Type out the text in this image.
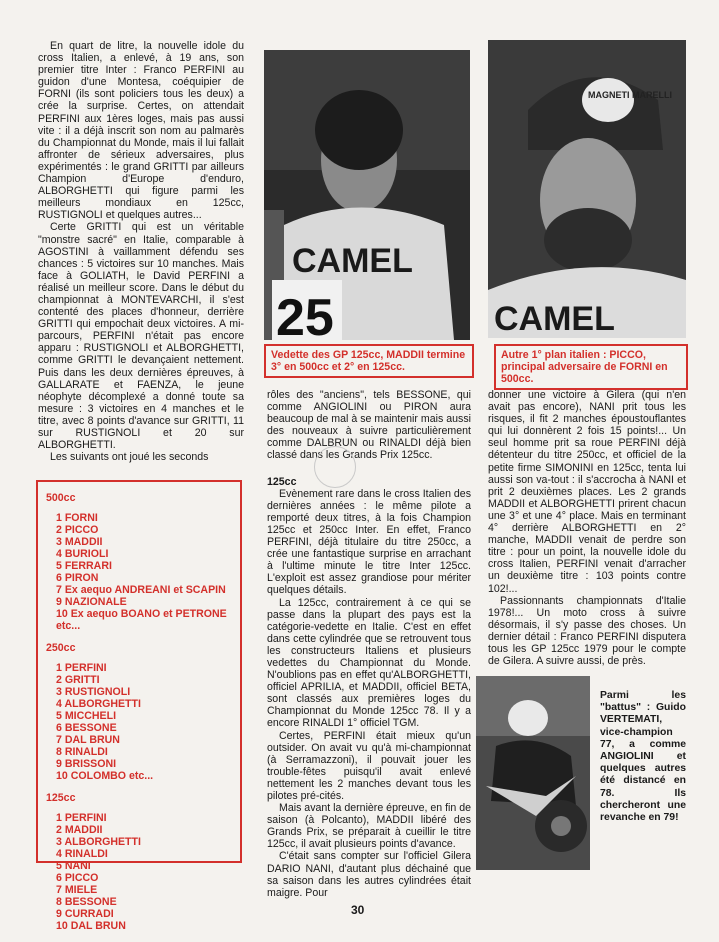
En quart de litre, la nouvelle idole du cross Italien, a enlevé, à 19 ans, son premier titre Inter : Franco PERFINI au guidon d'une Montesa, coéquipier de FORNI (ils sont policiers tous les deux) a crée la surprise. Certes, on attendait PERFINI aux 1ères loges, mais pas aussi vite : il a déjà inscrit son nom au palmarès du Championnat du Monde, mais il lui fallait affronter de sérieux adversaires, plus expérimentés : le grand GRITTI par ailleurs Champion d'Europe d'enduro, ALBORGHETTI qui figure parmi les meilleurs mondiaux en 125cc, RUSTIGNOLI et quelques autres...

Certe GRITTI qui est un véritable "monstre sacré" en Italie, comparable à AGOSTINI à vaillamment défendu ses chances : 5 victoires sur 10 manches. Mais face à GOLIATH, le David PERFINI a réalisé un meilleur score. Dans le début du championnat à MONTEVARCHI, il s'est contenté des places d'honneur, derrière GRITTI qui empochait deux victoires. A mi-parcours, PERFINI n'était pas encore apparu : RUSTIGNOLI et ALBORGHETTI, comme GRITTI le devançaient nettement. Puis dans les deux dernières épreuves, à GALLARATE et FAENZA, le jeune néophyte décomplexé a donné toute sa mesure : 3 victoires en 4 manches et le titre, avec 8 points d'avance sur GRITTI, 11 sur RUSTIGNOLI et 20 sur ALBORGHETTI.

Les suivants ont joué les seconds

500cc
1 FORNI
2 PICCO
3 MADDII
4 BURIOLI
5 FERRARI
6 PIRON
7 Ex aequo ANDREANI et SCAPIN
9 NAZIONALE
10 Ex aequo BOANO et PETRONE etc...
250cc
1 PERFINI
2 GRITTI
3 RUSTIGNOLI
4 ALBORGHETTI
5 MICCHELI
6 BESSONE
7 DAL BRUN
8 RINALDI
9 BRISSONI
10 COLOMBO etc...
125cc
1 PERFINI
2 MADDII
3 ALBORGHETTI
4 RINALDI
5 NANI
6 PICCO
7 MIELE
8 BESSONE
9 CURRADI
10 DAL BRUN
CAMEL
25
MAGNETI MARELLI
CAMEL
Vedette des GP 125cc, MADDII termine 3° en 500cc et 2° en 125cc.
Autre 1° plan italien : PICCO, principal adversaire de FORNI en 500cc.

rôles des "anciens", tels BESSONE, qui comme ANGIOLINI ou PIRON aura beaucoup de mal à se maintenir mais aussi des nouveaux à suivre particulièrement comme DALBRUN ou RINALDI déjà bien classé dans les Grands Prix 125cc.

125cc

Evènement rare dans le cross Italien des dernières années : le même pilote a remporté deux titres, à la fois Champion 125cc et 250cc Inter. En effet, Franco PERFINI, déjà titulaire du titre 250cc, a crée une fantastique surprise en arrachant à l'ultime minute le titre Inter 125cc. L'exploit est assez grandiose pour mériter quelques détails.

La 125cc, contrairement à ce qui se passe dans la plupart des pays est la catégorie-vedette en Italie. C'est en effet dans cette cylindrée que se retrouvent tous les constructeurs Italiens et plusieurs vedettes du Championnat du Monde. N'oublions pas en effet qu'ALBORGHETTI, officiel APRILIA, et MADDII, officiel BETA, sont classés aux premières loges du Championnat du Monde 125cc 78. Il y a encore RINALDI 1° officiel TGM.

Certes, PERFINI était mieux qu'un outsider. On avait vu qu'à mi-championnat (à Serramazzoni), il pouvait jouer les trouble-fêtes puisqu'il avait enlevé nettement les 2 manches devant tous les pilotes pré-cités.

Mais avant la dernière épreuve, en fin de saison (à Polcanto), MADDII libéré des Grands Prix, se préparait à cueillir le titre 125cc, il avait plusieurs points d'avance.

C'était sans compter sur l'officiel Gilera DARIO NANI, d'autant plus déchainé que sa saison dans les autres cylindrées était maigre. Pour

donner une victoire à Gilera (qui n'en avait pas encore), NANI prit tous les risques, il fit 2 manches époustouflantes qui lui donnèrent 2 fois 15 points!... Un seul homme prit sa roue PERFINI déjà détenteur du titre 250cc, et officiel de la petite firme SIMONINI en 125cc, tenta lui aussi son va-tout : il s'accrocha à NANI et prit 2 deuxièmes places. Les 2 grands MADDII et ALBORGHETTI prirent chacun une 3° et une 4° place. Mais en terminant 4° derrière ALBORGHETTI en 2° manche, MADDII venait de perdre son titre : pour un point, la nouvelle idole du cross Italien, PERFINI venait d'arracher un deuxième titre : 103 points contre 102!...

Passionnants championnats d'Italie 1978!... Un moto cross à suivre désormais, il s'y passe des choses. Un dernier détail : Franco PERFINI disputera tous les GP 125cc 1979 pour le compte de Gilera. A suivre aussi, de près.

Parmi les "battus" : Guido VERTEMATI, vice-champion 77, a comme ANGIOLINI et quelques autres été distancé en 78. Ils chercheront une revanche en 79!
30
